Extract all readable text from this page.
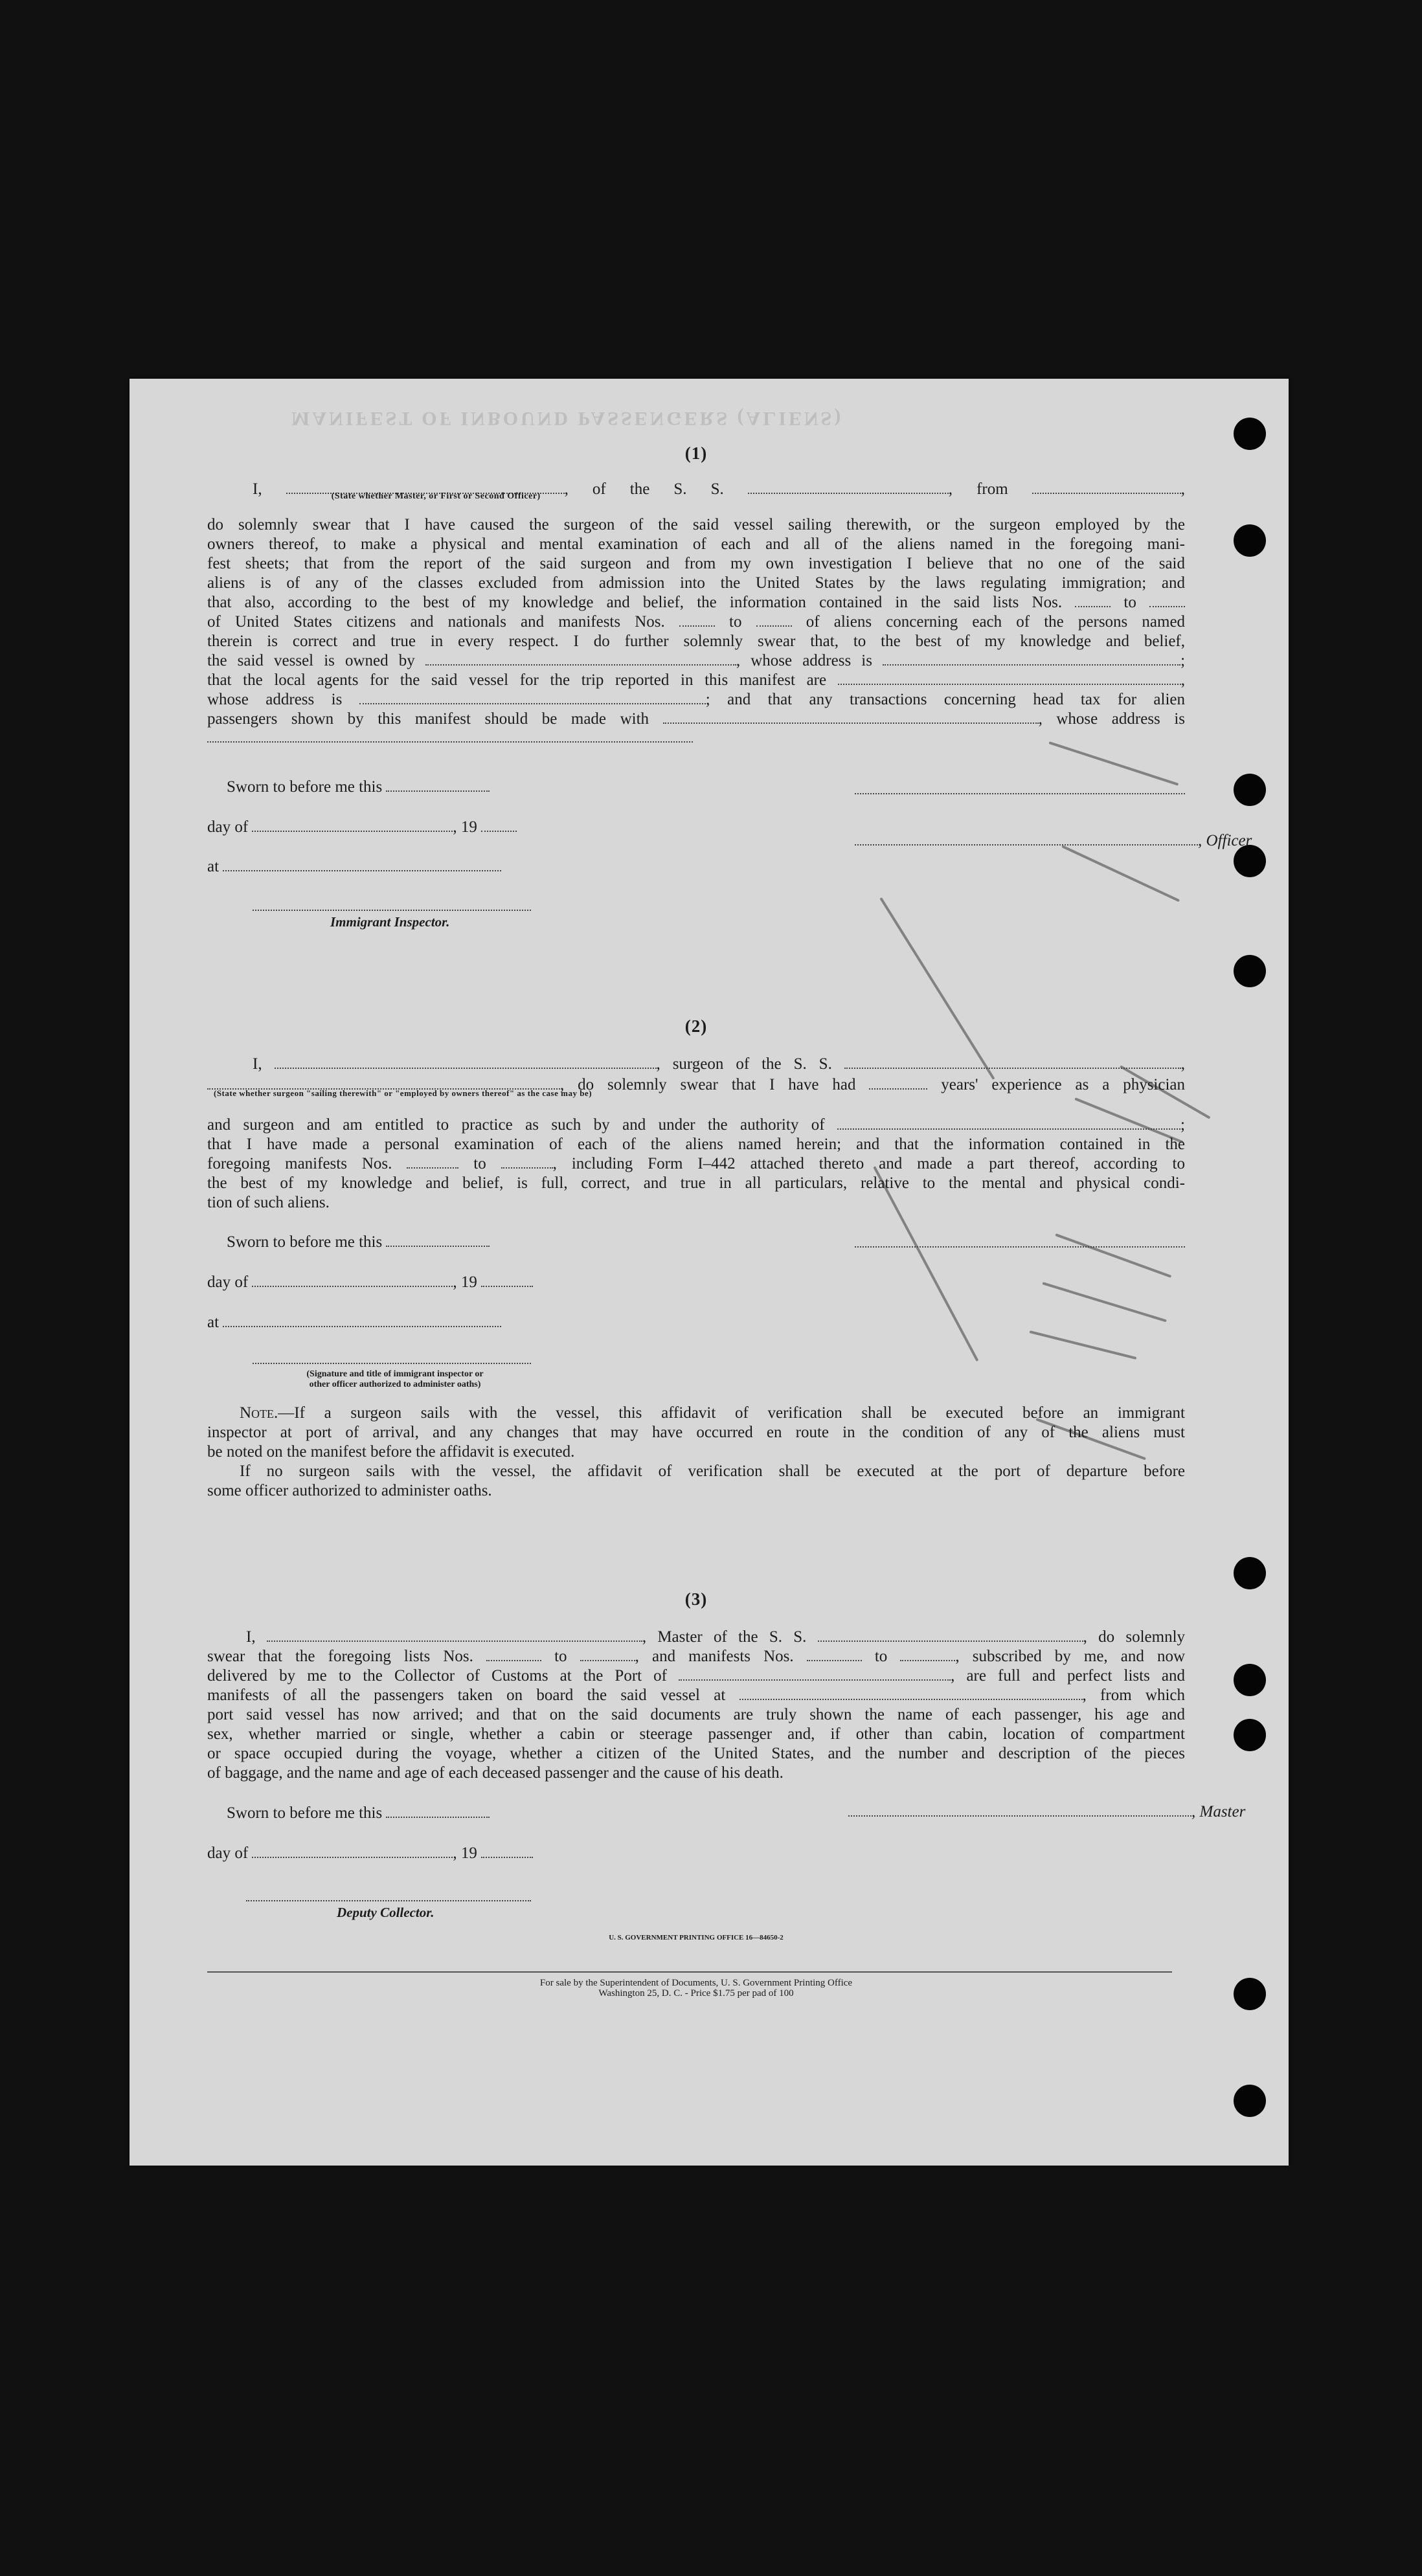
MANIFEST OF INBOUND PASSENGERS (ALIENS)
(1)
I,	(State whether Master, or First or Second Officer) , of the S. S.	, from	,
do solemnly swear that I have caused the surgeon of the said vessel sailing therewith, or the surgeon employed by the
owners thereof, to make a physical and mental examination of each and all of the aliens named in the foregoing mani-
fest sheets; that from the report of the said surgeon and from my own investigation I believe that no one of the said
aliens is of any of the classes excluded from admission into the United States by the laws regulating immigration; and
that also, according to the best of my knowledge and belief, the information contained in the said lists Nos.	to
of United States citizens and nationals and manifests Nos.	to	of aliens concerning each of the persons named
therein is correct and true in every respect. I do further solemnly swear that, to the best of my knowledge and belief,
the said vessel is owned by	, whose address is	;
that the local agents for the said vessel for the trip reported in this manifest are	,
whose address is	; and that any transactions concerning head tax for alien
passengers shown by this manifest should be made with	, whose address is
Sworn to before me this
day of	, 19
, Officer
at
Immigrant Inspector.
(2)
I,	, surgeon of the S. S.	,
(State whether surgeon "sailing therewith" or "employed by owners thereof" as the case may be)
, do solemnly swear that I have had	years' experience as a physician
and surgeon and am entitled to practice as such by and under the authority of	;
that I have made a personal examination of each of the aliens named herein; and that the information contained in the
foregoing manifests Nos.	to	, including Form I–442 attached thereto and made a part thereof, according to
the best of my knowledge and belief, is full, correct, and true in all particulars, relative to the mental and physical condi-
tion of such aliens.
Sworn to before me this
day of	, 19
at
(Signature and title of immigrant inspector or
other officer authorized to administer oaths)
Note.—If a surgeon sails with the vessel, this affidavit of verification shall be executed before an immigrant
inspector at port of arrival, and any changes that may have occurred en route in the condition of any of the aliens must
be noted on the manifest before the affidavit is executed.
If no surgeon sails with the vessel, the affidavit of verification shall be executed at the port of departure before
some officer authorized to administer oaths.
(3)
I,	, Master of the S. S.	, do solemnly
swear that the foregoing lists Nos.	to	, and manifests Nos.	to	, subscribed by me, and now
delivered by me to the Collector of Customs at the Port of	, are full and perfect lists and
manifests of all the passengers taken on board the said vessel at	, from which
port said vessel has now arrived; and that on the said documents are truly shown the name of each passenger, his age and
sex, whether married or single, whether a cabin or steerage passenger and, if other than cabin, location of compartment
or space occupied during the voyage, whether a citizen of the United States, and the number and description of the pieces
of baggage, and the name and age of each deceased passenger and the cause of his death.
Sworn to before me this	, Master
day of	, 19
Deputy Collector.
U. S. GOVERNMENT PRINTING OFFICE 16—84650-2
For sale by the Superintendent of Documents, U. S. Government Printing Office
Washington 25, D. C. - Price $1.75 per pad of 100
